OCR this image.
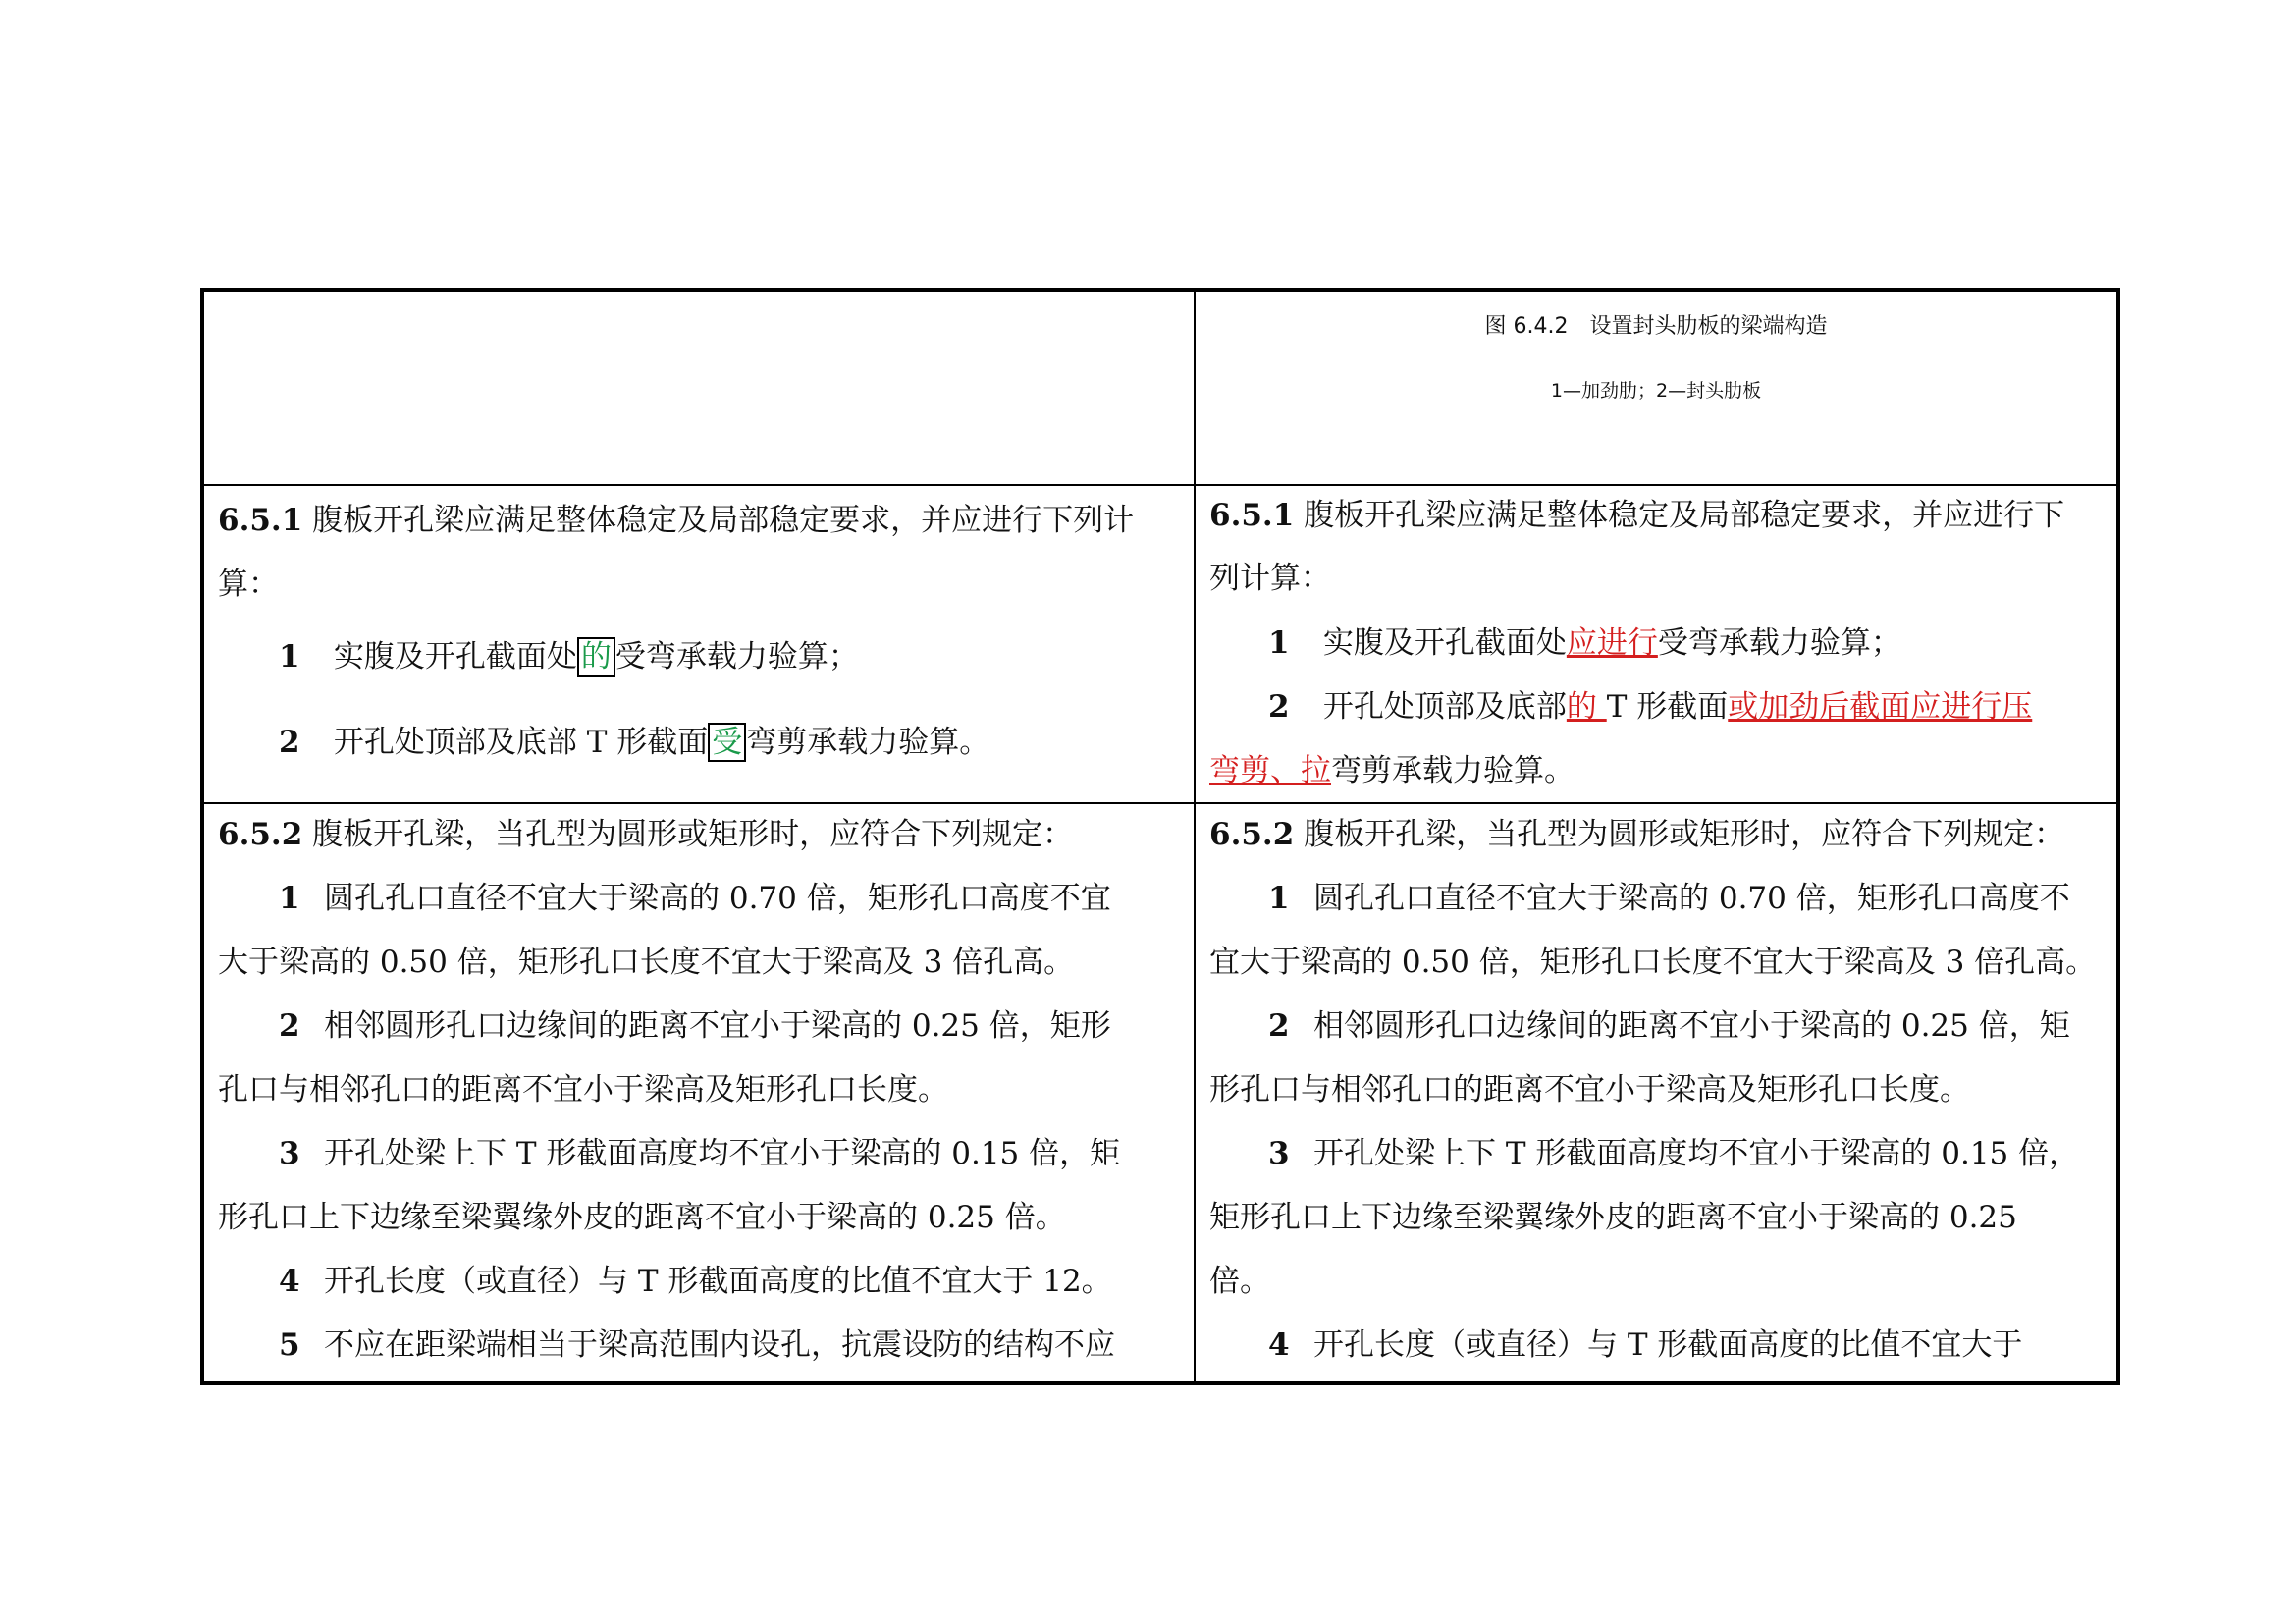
图 6.4.2　设置封头肋板的梁端构造
1—加劲肋；2—封头肋板
6.5.1 腹板开孔梁应满足整体稳定及局部稳定要求，并应进行下列计
算：
1 实腹及开孔截面处 的 受弯承载力验算；
2 开孔处顶部及底部 T 形截面 受 弯剪承载力验算。
6.5.1 腹板开孔梁应满足整体稳定及局部稳定要求，并应进行下
列计算：
1 实腹及开孔截面处应进行受弯承载力验算；
2 开孔处顶部及底部的 T 形截面或加劲后截面应进行压
弯剪、拉弯剪承载力验算。
6.5.2 腹板开孔梁，当孔型为圆形或矩形时，应符合下列规定：
1 圆孔孔口直径不宜大于梁高的 0.70 倍，矩形孔口高度不宜
大于梁高的 0.50 倍，矩形孔口长度不宜大于梁高及 3 倍孔高。
2 相邻圆形孔口边缘间的距离不宜小于梁高的 0.25 倍，矩形
孔口与相邻孔口的距离不宜小于梁高及矩形孔口长度。
3 开孔处梁上下 T 形截面高度均不宜小于梁高的 0.15 倍，矩
形孔口上下边缘至梁翼缘外皮的距离不宜小于梁高的 0.25 倍。
4 开孔长度（或直径）与 T 形截面高度的比值不宜大于 12。
5 不应在距梁端相当于梁高范围内设孔，抗震设防的结构不应
6.5.2 腹板开孔梁，当孔型为圆形或矩形时，应符合下列规定：
1 圆孔孔口直径不宜大于梁高的 0.70 倍，矩形孔口高度不
宜大于梁高的 0.50 倍，矩形孔口长度不宜大于梁高及 3 倍孔高。
2 相邻圆形孔口边缘间的距离不宜小于梁高的 0.25 倍，矩
形孔口与相邻孔口的距离不宜小于梁高及矩形孔口长度。
3 开孔处梁上下 T 形截面高度均不宜小于梁高的 0.15 倍，
矩形孔口上下边缘至梁翼缘外皮的距离不宜小于梁高的 0.25
倍。
4 开孔长度（或直径）与 T 形截面高度的比值不宜大于
